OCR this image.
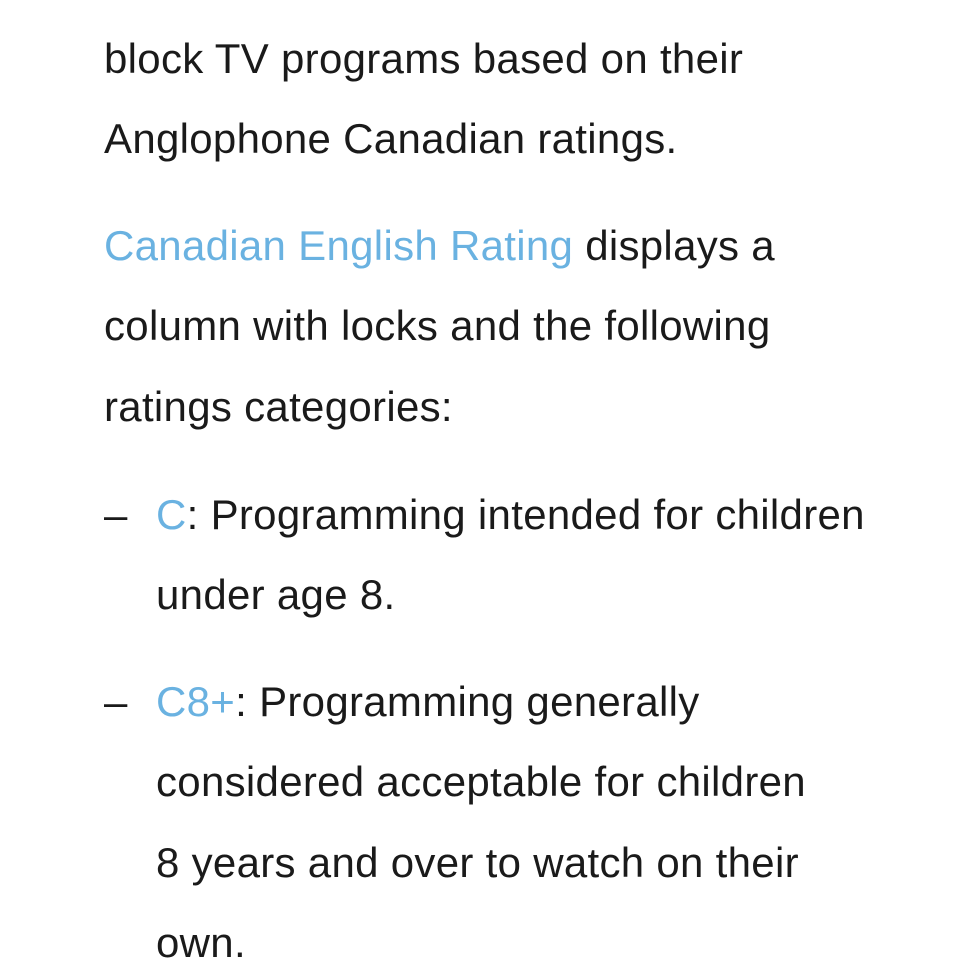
block TV programs based on their
Anglophone Canadian ratings.
Canadian English Rating displays a
column with locks and the following
ratings categories:
– C: Programming intended for children
under age 8.
– C8+: Programming generally
considered acceptable for children
8 years and over to watch on their
own.
